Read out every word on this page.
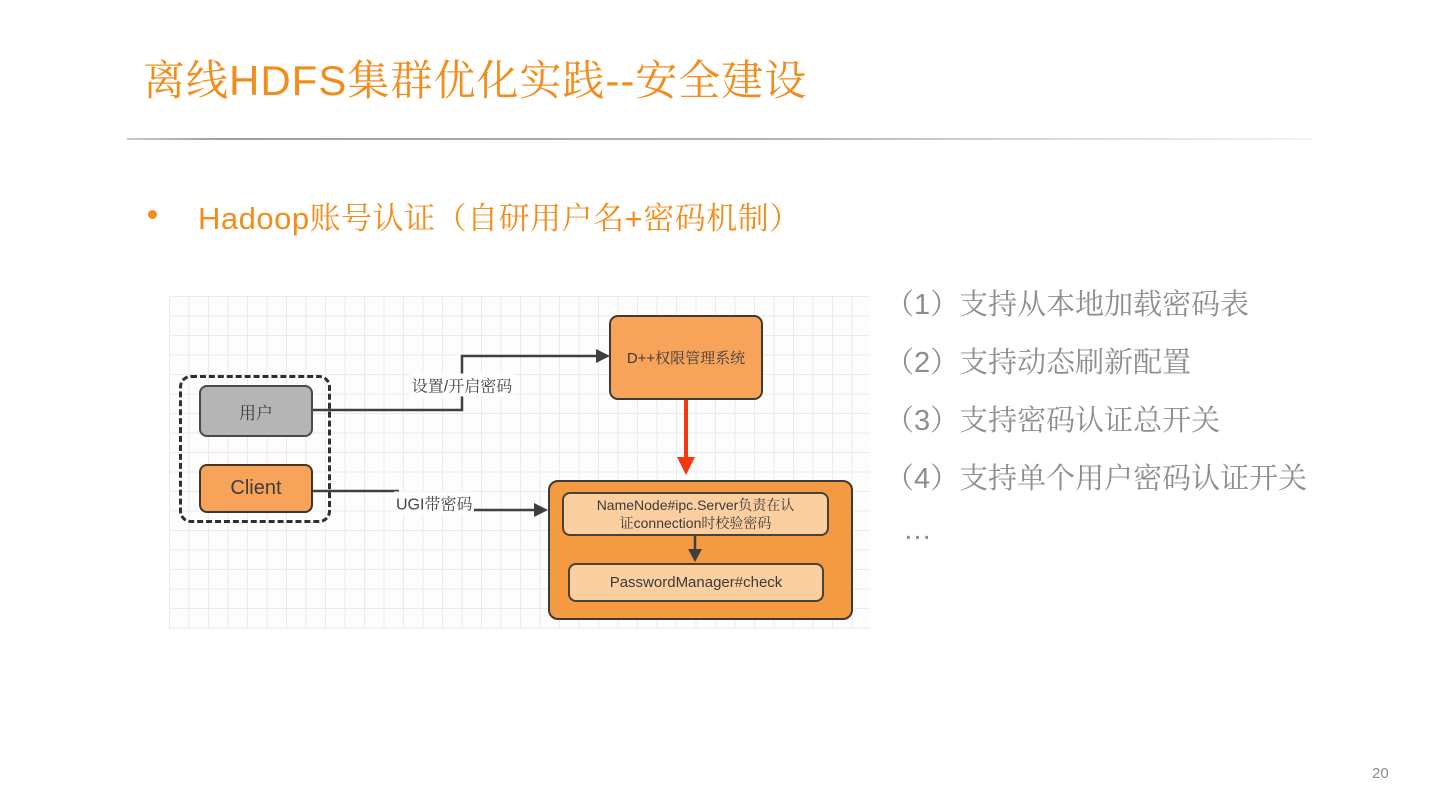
离线HDFS集群优化实践--安全建设
Hadoop账号认证（自研用户名+密码机制）
用户
Client
D++权限管理系统
NameNode#ipc.Server负责在认
证connection时校验密码
PasswordManager#check
设置/开启密码
UGI带密码
（1）支持从本地加载密码表
（2）支持动态刷新配置
（3）支持密码认证总开关
（4）支持单个用户密码认证开关
…
20
